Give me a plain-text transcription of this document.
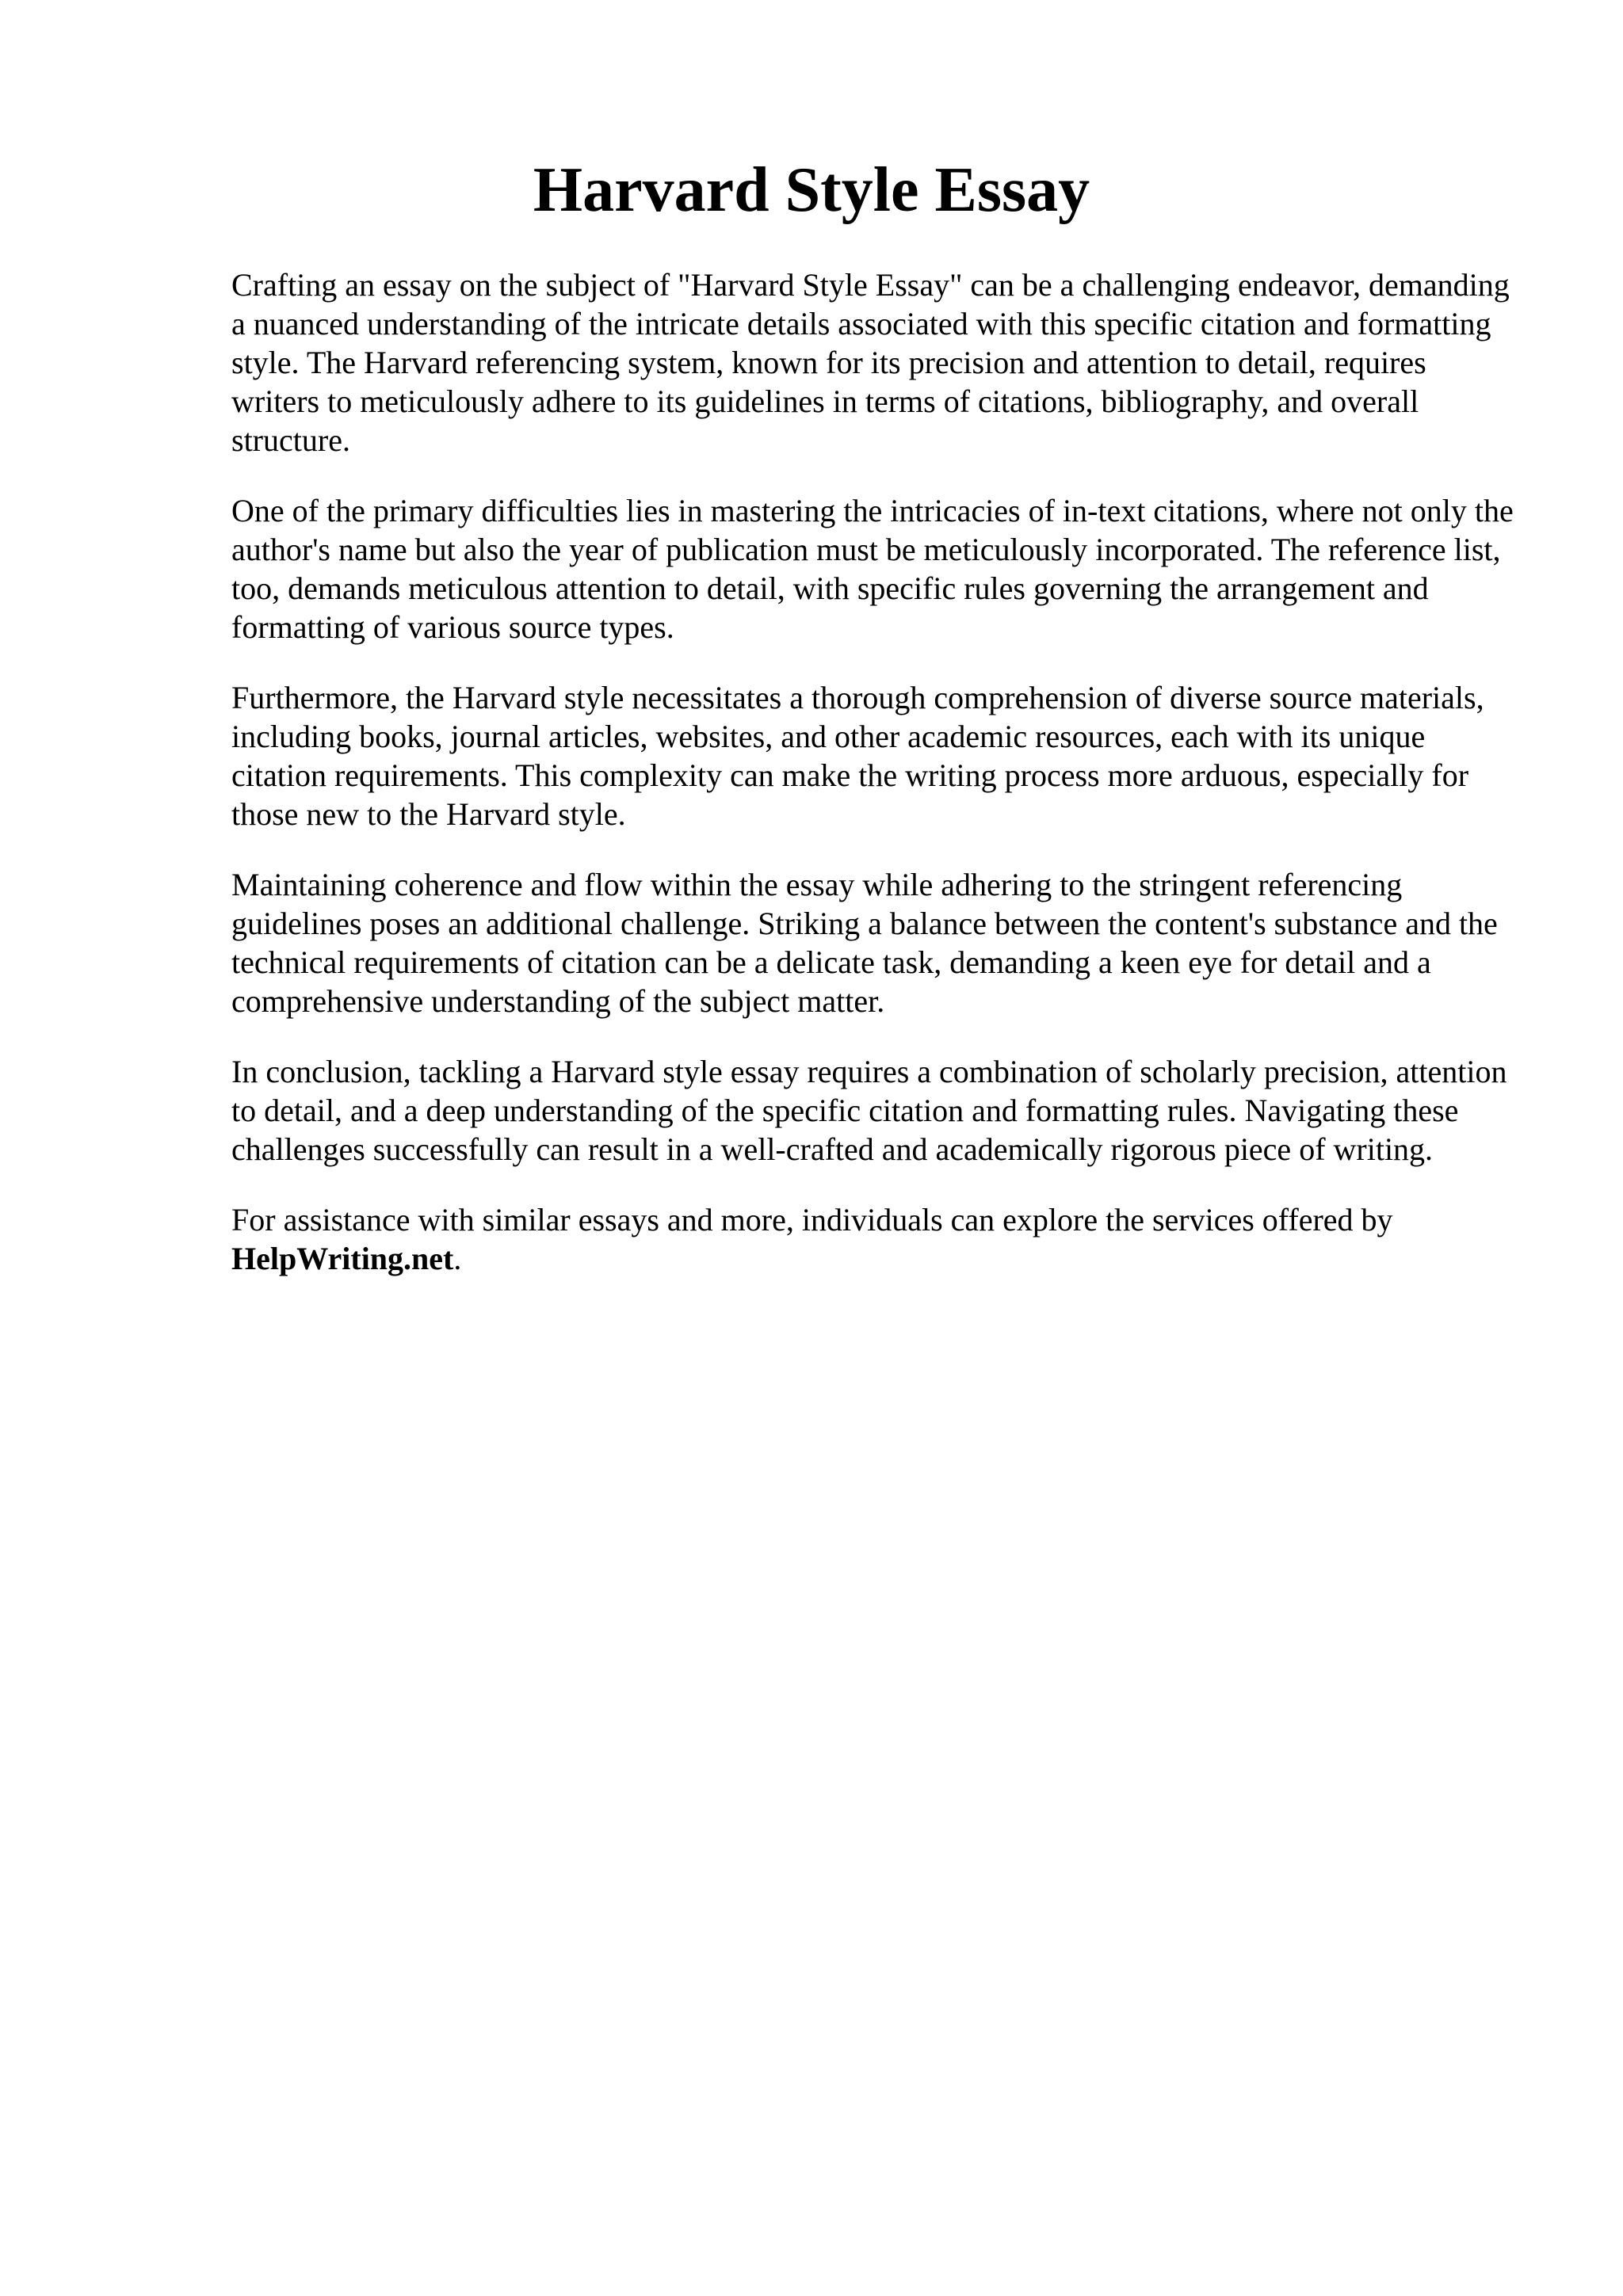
Harvard Style Essay

Crafting an essay on the subject of "Harvard Style Essay" can be a challenging endeavor, demanding a nuanced understanding of the intricate details associated with this specific citation and formatting style. The Harvard referencing system, known for its precision and attention to detail, requires writers to meticulously adhere to its guidelines in terms of citations, bibliography, and overall structure.

One of the primary difficulties lies in mastering the intricacies of in-text citations, where not only the author's name but also the year of publication must be meticulously incorporated. The reference list, too, demands meticulous attention to detail, with specific rules governing the arrangement and formatting of various source types.

Furthermore, the Harvard style necessitates a thorough comprehension of diverse source materials, including books, journal articles, websites, and other academic resources, each with its unique citation requirements. This complexity can make the writing process more arduous, especially for those new to the Harvard style.

Maintaining coherence and flow within the essay while adhering to the stringent referencing guidelines poses an additional challenge. Striking a balance between the content's substance and the technical requirements of citation can be a delicate task, demanding a keen eye for detail and a comprehensive understanding of the subject matter.

In conclusion, tackling a Harvard style essay requires a combination of scholarly precision, attention to detail, and a deep understanding of the specific citation and formatting rules. Navigating these challenges successfully can result in a well-crafted and academically rigorous piece of writing.

For assistance with similar essays and more, individuals can explore the services offered by HelpWriting.net.
